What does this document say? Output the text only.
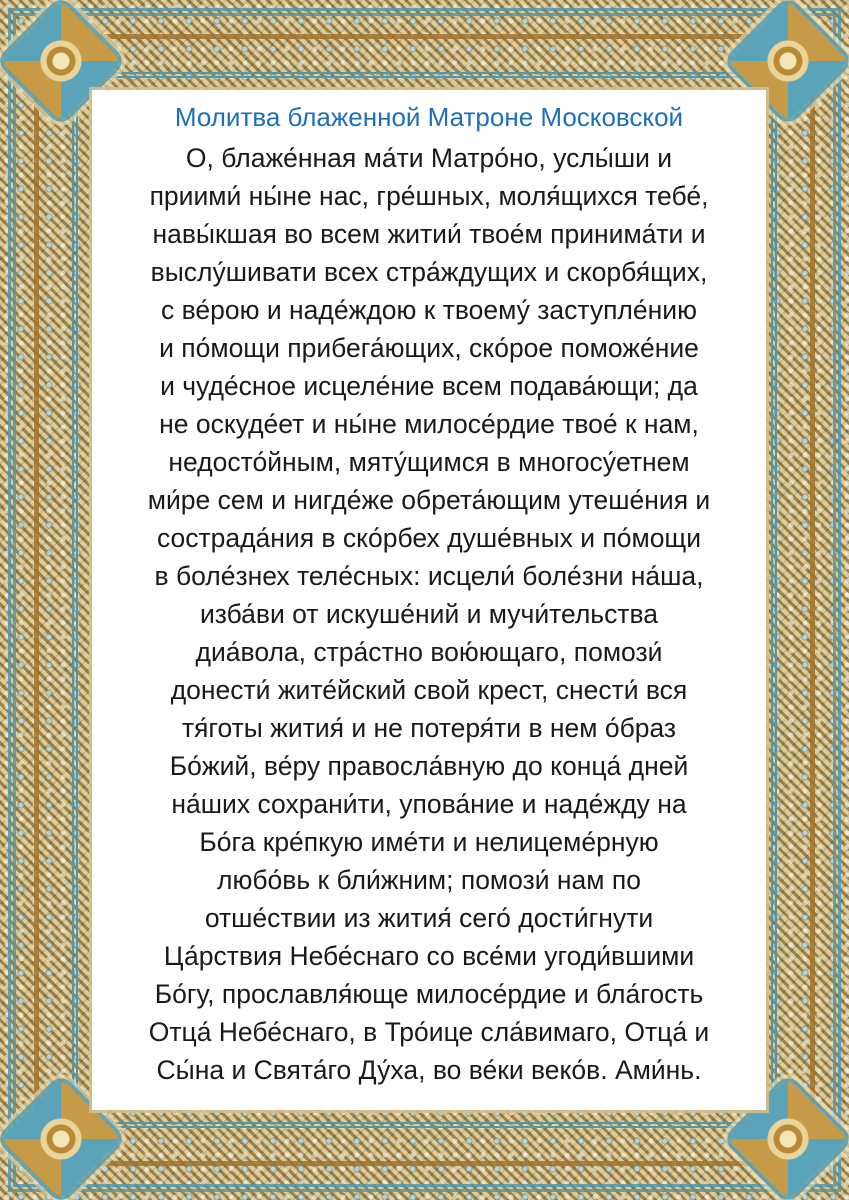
Молитва блаженной Матроне Московской
О, блаже́нная ма́ти Матро́но, услы́ши и
приими́ ны́не нас, гре́шных, моля́щихся тебе́,
навы́кшая во всем житии́ твое́м принима́ти и
выслу́шивати всех стра́ждущих и скорбя́щих,
с ве́рою и наде́ждою к твоему́ заступле́нию
и по́мощи прибега́ющих, ско́рое поможе́ние
и чуде́сное исцеле́ние всем подава́ющи; да
не оскуде́ет и ны́не милосе́рдие твое́ к нам,
недосто́йным, мяту́щимся в многосу́етнем
ми́ре сем и нигде́же обрета́ющим утеше́ния и
сострада́ния в ско́рбех душе́вных и по́мощи
в боле́знех теле́сных: исцели́ боле́зни на́ша,
изба́ви от искуше́ний и мучи́тельства
диа́вола, стра́стно вою́ющаго, помози́
донести́ жите́йский свой крест, снести́ вся
тя́готы жития́ и не потеря́ти в нем о́браз
Бо́жий, ве́ру правосла́вную до конца́ дней
на́ших сохрани́ти, упова́ние и наде́жду на
Бо́га кре́пкую име́ти и нелицеме́рную
любо́вь к бли́жним; помози́ нам по
отше́ствии из жития́ сего́ дости́гнути
Ца́рствия Небе́снаго со все́ми угоди́вшими
Бо́гу, прославля́юще милосе́рдие и бла́гость
Отца́ Небе́снаго, в Тро́ице сла́вимаго, Отца́ и
Сы́на и Свята́го Ду́ха, во ве́ки веко́в. Ами́нь.
